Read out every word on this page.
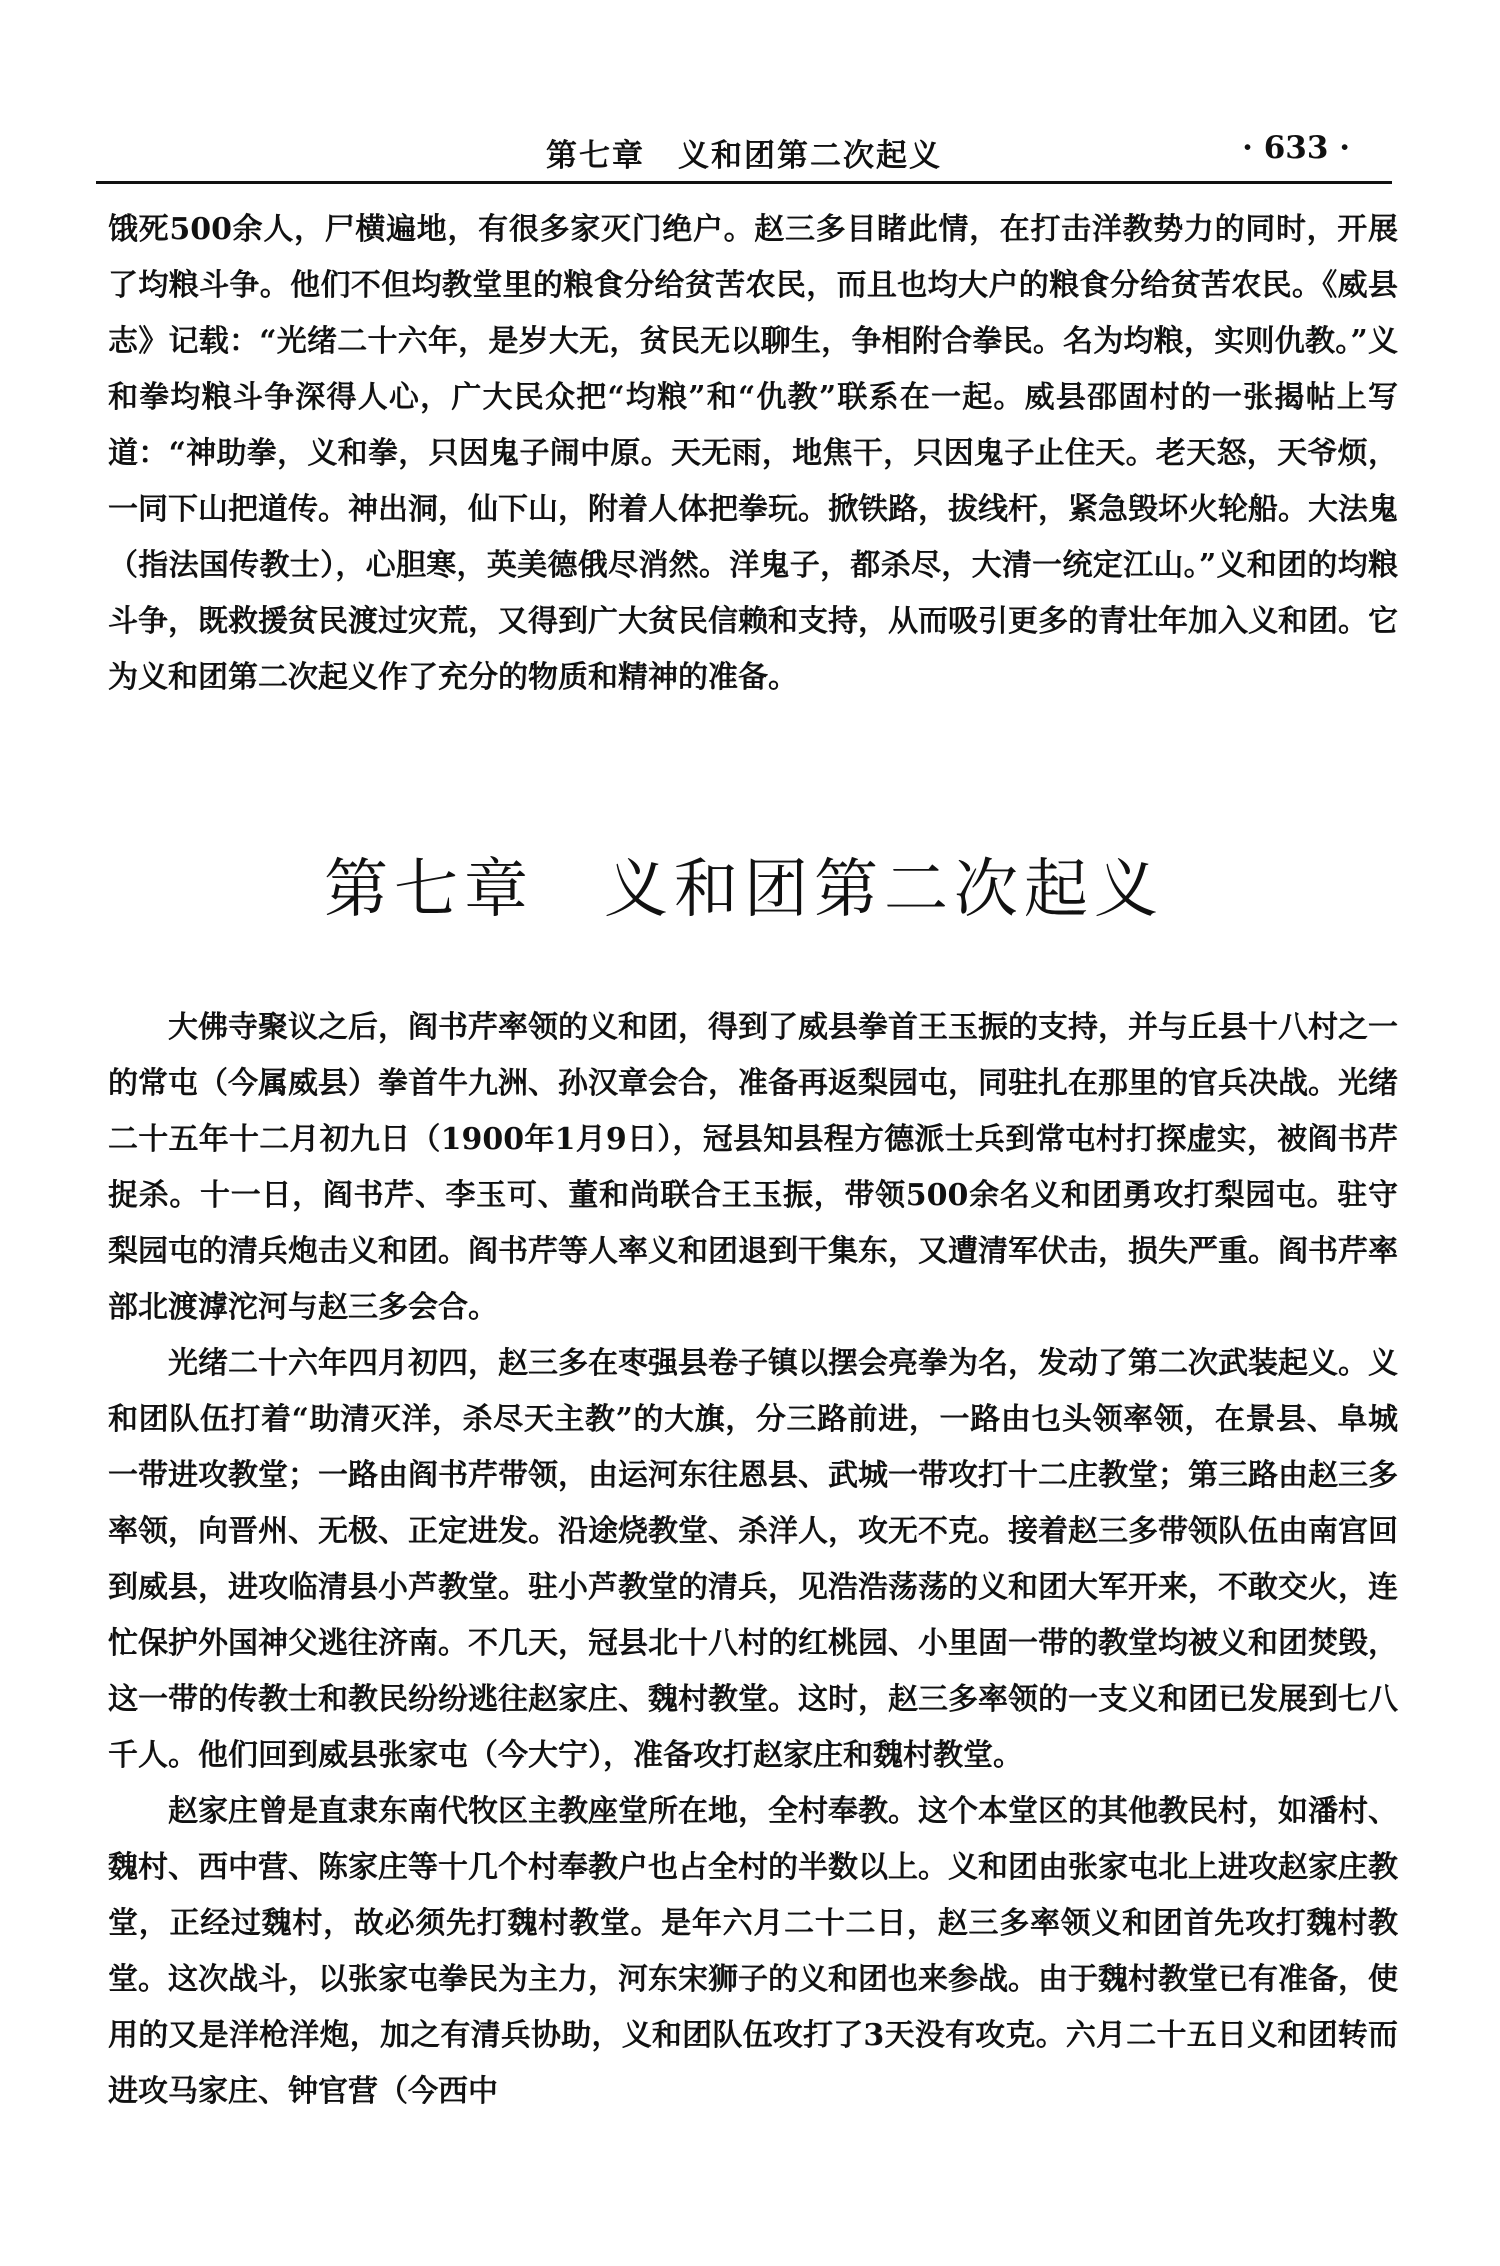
第七章　义和团第二次起义	· 633 ·

饿死500余人，尸横遍地，有很多家灭门绝户。赵三多目睹此情，在打击洋教势力的同时，开展了均粮斗争。他们不但均教堂里的粮食分给贫苦农民，而且也均大户的粮食分给贫苦农民。《威县志》记载：“光绪二十六年，是岁大无，贫民无以聊生，争相附合拳民。名为均粮，实则仇教。”义和拳均粮斗争深得人心，广大民众把“均粮”和“仇教”联系在一起。威县邵固村的一张揭帖上写道：“神助拳，义和拳，只因鬼子闹中原。天无雨，地焦干，只因鬼子止住天。老天怒，天爷烦，一同下山把道传。神出洞，仙下山，附着人体把拳玩。掀铁路，拔线杆，紧急毁坏火轮船。大法鬼（指法国传教士），心胆寒，英美德俄尽消然。洋鬼子，都杀尽，大清一统定江山。”义和团的均粮斗争，既救援贫民渡过灾荒，又得到广大贫民信赖和支持，从而吸引更多的青壮年加入义和团。它为义和团第二次起义作了充分的物质和精神的准备。

第七章　义和团第二次起义

大佛寺聚议之后，阎书芹率领的义和团，得到了威县拳首王玉振的支持，并与丘县十八村之一的常屯（今属威县）拳首牛九洲、孙汉章会合，准备再返梨园屯，同驻扎在那里的官兵决战。光绪二十五年十二月初九日（1900年1月9日），冠县知县程方德派士兵到常屯村打探虚实，被阎书芹捉杀。十一日，阎书芹、李玉可、董和尚联合王玉振，带领500余名义和团勇攻打梨园屯。驻守梨园屯的清兵炮击义和团。阎书芹等人率义和团退到干集东，又遭清军伏击，损失严重。阎书芹率部北渡滹沱河与赵三多会合。

光绪二十六年四月初四，赵三多在枣强县卷子镇以摆会亮拳为名，发动了第二次武装起义。义和团队伍打着“助清灭洋，杀尽天主教”的大旗，分三路前进，一路由乜头领率领，在景县、阜城一带进攻教堂；一路由阎书芹带领，由运河东往恩县、武城一带攻打十二庄教堂；第三路由赵三多率领，向晋州、无极、正定进发。沿途烧教堂、杀洋人，攻无不克。接着赵三多带领队伍由南宫回到威县，进攻临清县小芦教堂。驻小芦教堂的清兵，见浩浩荡荡的义和团大军开来，不敢交火，连忙保护外国神父逃往济南。不几天，冠县北十八村的红桃园、小里固一带的教堂均被义和团焚毁，这一带的传教士和教民纷纷逃往赵家庄、魏村教堂。这时，赵三多率领的一支义和团已发展到七八千人。他们回到威县张家屯（今大宁），准备攻打赵家庄和魏村教堂。

赵家庄曾是直隶东南代牧区主教座堂所在地，全村奉教。这个本堂区的其他教民村，如潘村、魏村、西中营、陈家庄等十几个村奉教户也占全村的半数以上。义和团由张家屯北上进攻赵家庄教堂，正经过魏村，故必须先打魏村教堂。是年六月二十二日，赵三多率领义和团首先攻打魏村教堂。这次战斗，以张家屯拳民为主力，河东宋狮子的义和团也来参战。由于魏村教堂已有准备，使用的又是洋枪洋炮，加之有清兵协助，义和团队伍攻打了3天没有攻克。六月二十五日义和团转而进攻马家庄、钟官营（今西中
